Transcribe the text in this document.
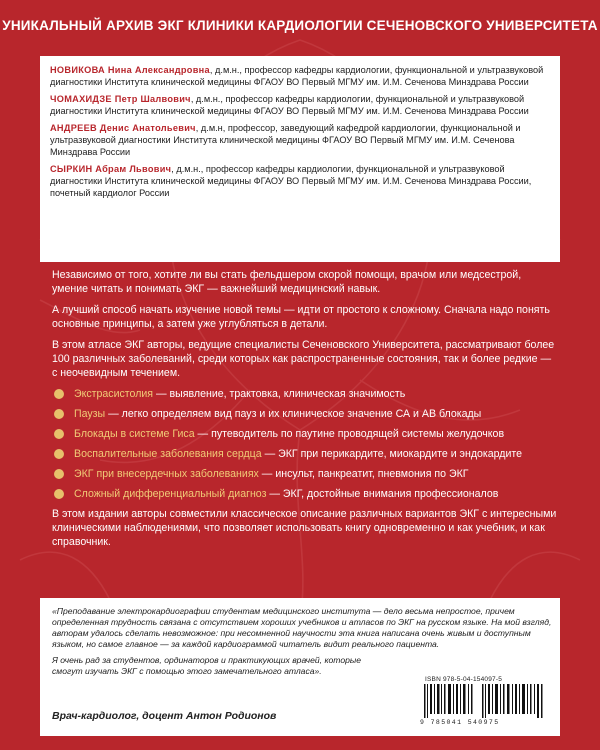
УНИКАЛЬНЫЙ АРХИВ ЭКГ КЛИНИКИ КАРДИОЛОГИИ СЕЧЕНОВСКОГО УНИВЕРСИТЕТА
НОВИКОВА Нина Александровна, д.м.н., профессор кафедры кардиологии, функциональной и ультразвуковой диагностики Института клинической медицины ФГАОУ ВО Первый МГМУ им. И.М. Сеченова Минздрава России
ЧОМАХИДЗЕ Петр Шалвович, д.м.н., профессор кафедры кардиологии, функциональной и ультразвуковой диагностики Института клинической медицины ФГАОУ ВО Первый МГМУ им. И.М. Сеченова Минздрава России
АНДРЕЕВ Денис Анатольевич, д.м.н, профессор, заведующий кафедрой кардиологии, функциональной и ультразвуковой диагностики Института клинической медицины ФГАОУ ВО Первый МГМУ им. И.М. Сеченова Минздрава России
СЫРКИН Абрам Львович, д.м.н., профессор кафедры кардиологии, функциональной и ультразвуковой диагностики Института клинической медицины ФГАОУ ВО Первый МГМУ им. И.М. Сеченова Минздрава России, почетный кардиолог России

Независимо от того, хотите ли вы стать фельдшером скорой помощи, врачом или медсестрой, умение читать и понимать ЭКГ — важнейший медицинский навык.

А лучший способ начать изучение новой темы — идти от простого к сложному. Сначала надо понять основные принципы, а затем уже углубляться в детали.

В этом атласе ЭКГ авторы, ведущие специалисты Сеченовского Университета, рассматривают более 100 различных заболеваний, среди которых как распространенные состояния, так и более редкие — с неочевидным течением.

Экстрасистолия — выявление, трактовка, клиническая значимость
Паузы — легко определяем вид пауз и их клиническое значение СА и АВ блокады
Блокады в системе Гиса — путеводитель по паутине проводящей системы желудочков
Воспалительные заболевания сердца — ЭКГ при перикардите, миокардите и эндокардите
ЭКГ при внесердечных заболеваниях — инсульт, панкреатит, пневмония по ЭКГ
Сложный дифференциальный диагноз — ЭКГ, достойные внимания профессионалов

В этом издании авторы совместили классическое описание различных вариантов ЭКГ с интересными клиническими наблюдениями, что позволяет использовать книгу одновременно и как учебник, и как справочник.

«Преподавание электрокардиографии студентам медицинского института — дело весьма непростое, причем определенная трудность связана с отсутствием хороших учебников и атласов по ЭКГ на русском языке. На мой взгляд, авторам удалось сделать невозможное: при несомненной научности эта книга написана очень живым и доступным языком, но самое главное — за каждой кардиограммой читатель видит реального пациента.

Я очень рад за студентов, ординаторов и практикующих врачей, которые смогут изучать ЭКГ с помощью этого замечательного атласа».

Врач-кардиолог, доцент Антон Родионов
ISBN 978-5-04-154097-5
9 785041 540975
